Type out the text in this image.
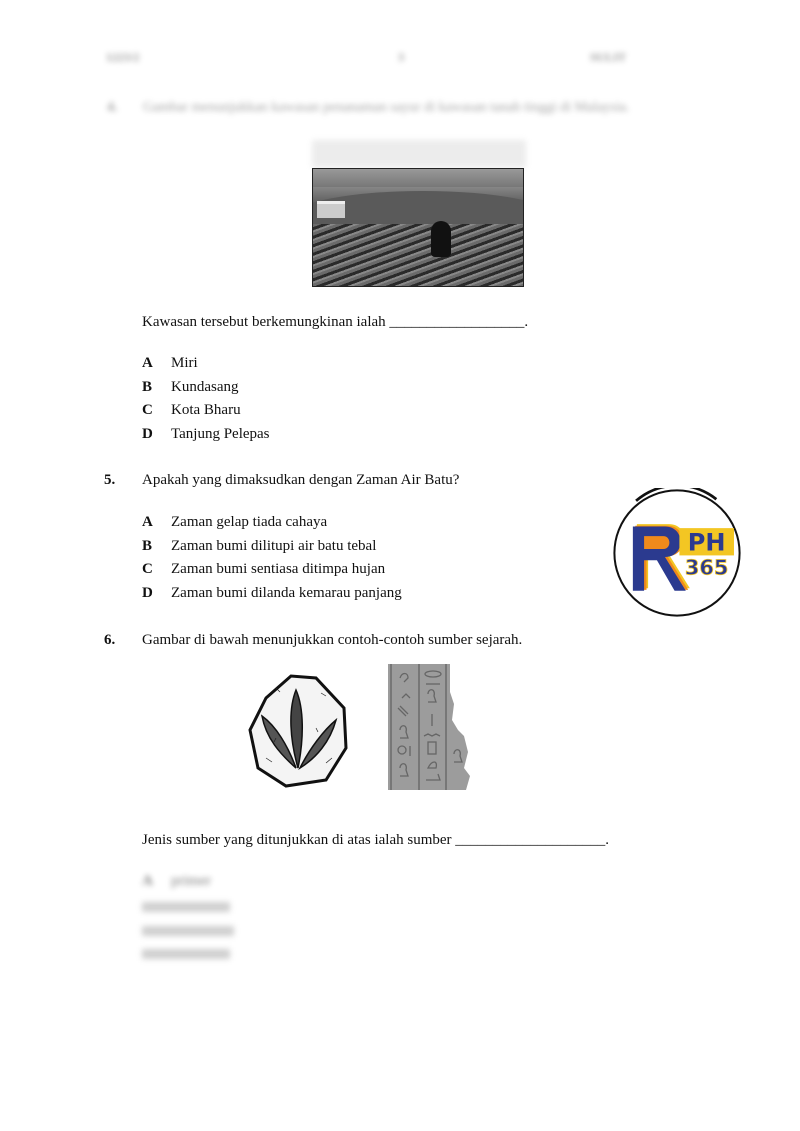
1223/2	3	SULIT
4. Gambar menunjukkan kawasan penanaman sayur di kawasan tanah tinggi di Malaysia.
Kawasan tersebut berkemungkinan ialah __________________.
A Miri
B Kundasang
C Kota Bharu
D Tanjung Pelepas
PH
365
5. Apakah yang dimaksudkan dengan Zaman Air Batu?
A Zaman gelap tiada cahaya
B Zaman bumi dilitupi air batu tebal
C Zaman bumi sentiasa ditimpa hujan
D Zaman bumi dilanda kemarau panjang
6. Gambar di bawah menunjukkan contoh-contoh sumber sejarah.
Jenis sumber yang ditunjukkan di atas ialah sumber ____________________.
A primer
